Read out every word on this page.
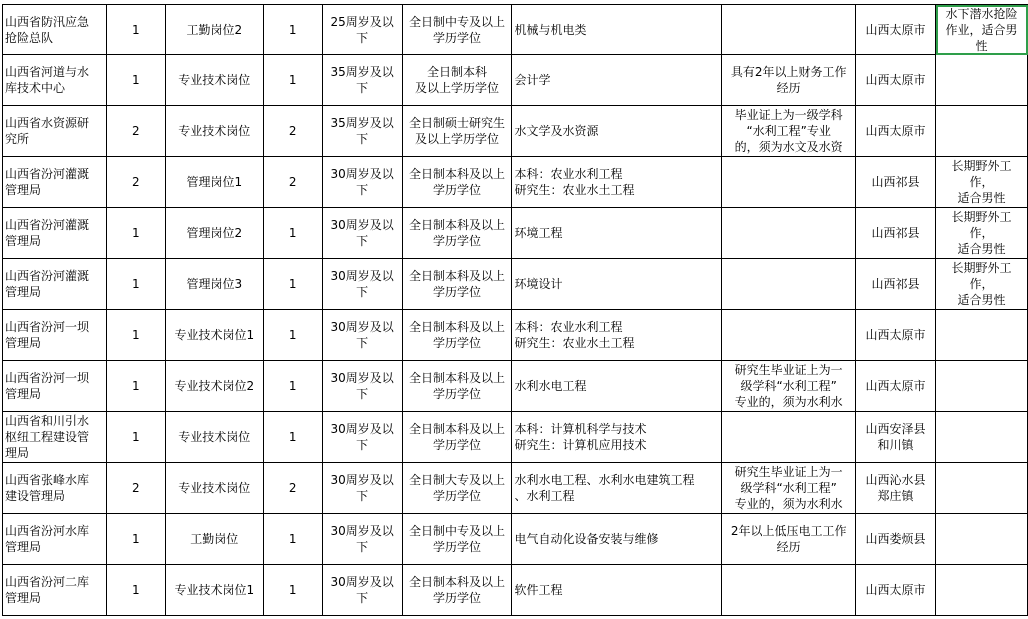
山西省防汛应急
抢险总队	1	工勤岗位2	1	25周岁及以下	全日制中专及以上
学历学位	机械与机电类		山西太原市	水下潜水抢险
作业，适合男
性
山西省河道与水
库技术中心	1	专业技术岗位	1	35周岁及以
下	全日制本科
及以上学历学位	会计学	具有2年以上财务工作
经历	山西太原市	
山西省水资源研
究所	2	专业技术岗位	2	35周岁及以
下	全日制硕士研究生
及以上学历学位	水文学及水资源	毕业证上为一级学科
“水利工程”专业
的，须为水文及水资	山西太原市	
山西省汾河灌溉
管理局	2	管理岗位1	2	30周岁及以
下	全日制本科及以上
学历学位	本科：农业水利工程
研究生：农业水土工程		山西祁县	长期野外工
作，
适合男性
山西省汾河灌溉
管理局	1	管理岗位2	1	30周岁及以
下	全日制本科及以上
学历学位	环境工程		山西祁县	长期野外工
作，
适合男性
山西省汾河灌溉
管理局	1	管理岗位3	1	30周岁及以
下	全日制本科及以上
学历学位	环境设计		山西祁县	长期野外工
作，
适合男性
山西省汾河一坝
管理局	1	专业技术岗位1	1	30周岁及以
下	全日制本科及以上
学历学位	本科：农业水利工程
研究生：农业水土工程		山西太原市	
山西省汾河一坝
管理局	1	专业技术岗位2	1	30周岁及以
下	全日制本科及以上
学历学位	水利水电工程	研究生毕业证上为一
级学科“水利工程”
专业的，须为水利水	山西太原市	
山西省和川引水
枢纽工程建设管
理局	1	专业技术岗位	1	30周岁及以
下	全日制本科及以上
学历学位	本科：计算机科学与技术
研究生：计算机应用技术		山西安泽县
和川镇	
山西省张峰水库
建设管理局	2	专业技术岗位	2	30周岁及以
下	全日制大专及以上
学历学位	水利水电工程、水利水电建筑工程
、水利工程	研究生毕业证上为一
级学科“水利工程”
专业的，须为水利水	山西沁水县
郑庄镇	
山西省汾河水库
管理局	1	工勤岗位	1	30周岁及以
下	全日制中专及以上
学历学位	电气自动化设备安装与维修	2年以上低压电工工作
经历	山西娄烦县	
山西省汾河二库
管理局	1	专业技术岗位1	1	30周岁及以
下	全日制本科及以上
学历学位	软件工程		山西太原市	
